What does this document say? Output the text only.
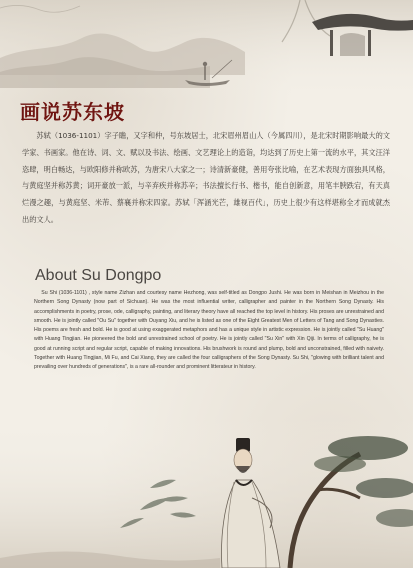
画说苏东坡

苏轼（1036-1101）字子瞻，又字和仲，号东坡居士，北宋眉州眉山人（今属四川），是北宋时期影响最大的文学家、书画家。他在诗、词、文、赋以及书法、绘画、文艺理论上的造诣，均达到了历史上第一流的水平，其文汪洋恣肆，明白畅达，与欧阳修并称欧苏，为唐宋八大家之一；诗清新豪健，善用夸张比喻，在艺术表现方面独具风格，与黄庭坚并称苏黄；词开豪放一派，与辛弃疾并称苏辛；书法擅长行书、楷书，能自创新意，用笔丰腴跌宕，有天真烂漫之趣，与黄庭坚、米芾、蔡襄并称宋四家。苏轼「浑涵光芒，雄视百代」，历史上很少有这样堪称全才而成就杰出的文人。

About Su Dongpo

Su Shi (1036-1101) , style name Zizhan and courtesy name Hezhong, was self-titled as Dongpo Jushi. He was born in Meishan in Meizhou in the Northern Song Dynasty (now part of Sichuan). He was the most influential writer, calligrapher and painter in the Northern Song Dynasty. His accomplishments in poetry, prose, ode, calligraphy, painting, and literary theory have all reached the top level in history. His proses are unrestrained and smooth. He is jointly called "Ou Su" together with Ouyang Xiu, and he is listed as one of the Eight Greatest Men of Letters of Tang and Song Dynasties. His poems are fresh and bold. He is good at using exaggerated metaphors and has a unique style in artistic expression. He is jointly called "Su Huang" with Huang Tingjian. He pioneered the bold and unrestrained school of poetry. He is jointly called "Su Xin" with Xin Qiji. In terms of calligraphy, he is good at running script and regular script, capable of making innovations. His brushwork is round and plump, bold and unconstrained, filled with naivety. Together with Huang Tingjian, Mi Fu, and Cai Xiang, they are called the four calligraphers of the Song Dynasty. Su Shi, "glowing with brilliant talent and prevailing over hundreds of generations", is a rare all-rounder and prominent litterateur in history.
